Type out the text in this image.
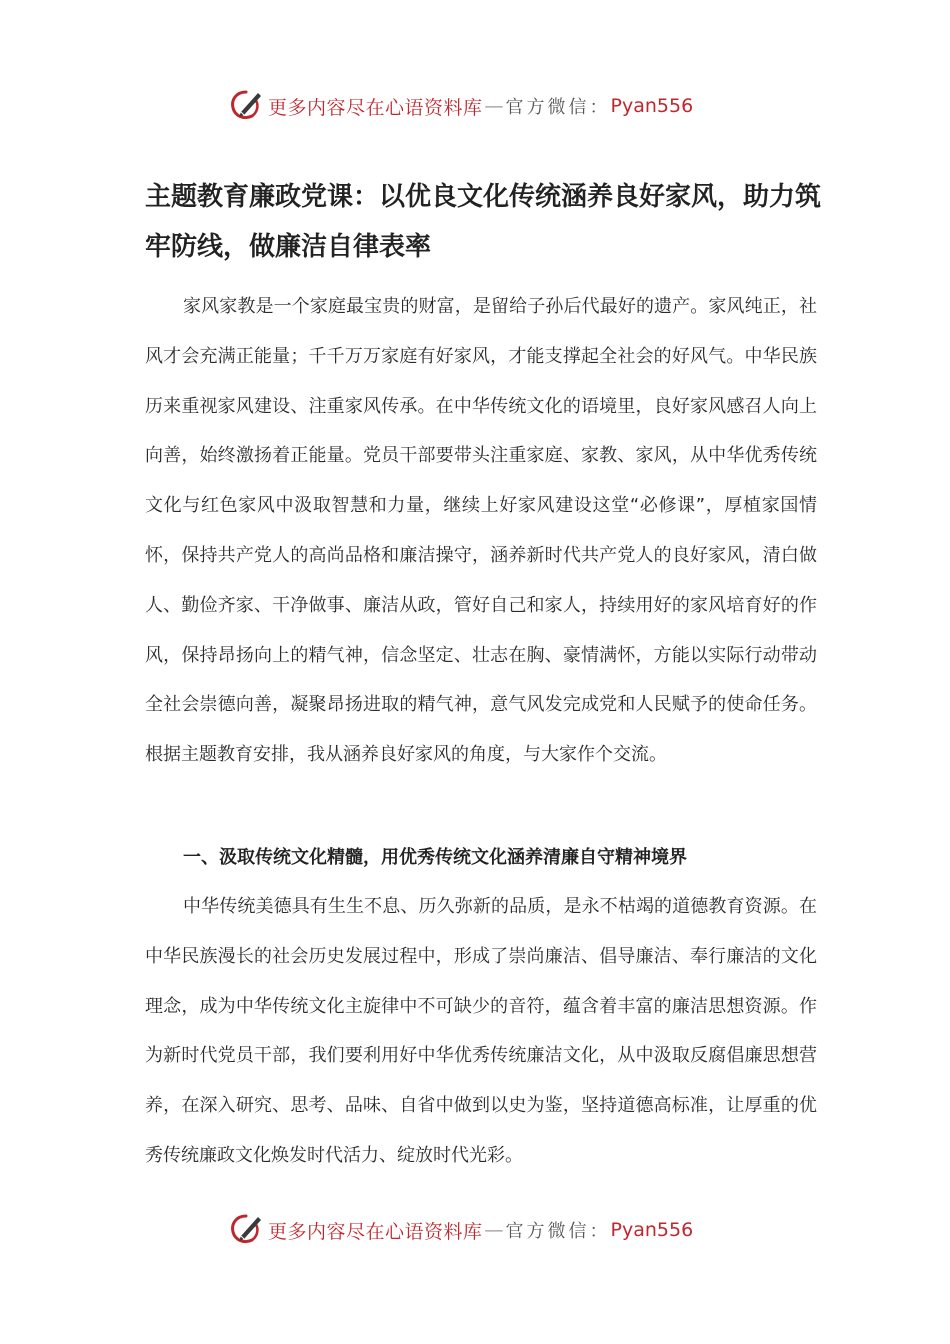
更多内容尽在心语资料库 — 官方微信： Pyan556
主题教育廉政党课：以优良文化传统涵养良好家风，助力筑牢防线，做廉洁自律表率

家风家教是一个家庭最宝贵的财富，是留给子孙后代最好的遗产。家风纯正，社风才会充满正能量；千千万万家庭有好家风，才能支撑起全社会的好风气。中华民族历来重视家风建设、注重家风传承。在中华传统文化的语境里，良好家风感召人向上向善，始终激扬着正能量。党员干部要带头注重家庭、家教、家风，从中华优秀传统文化与红色家风中汲取智慧和力量，继续上好家风建设这堂“必修课”，厚植家国情怀，保持共产党人的高尚品格和廉洁操守，涵养新时代共产党人的良好家风，清白做人、勤俭齐家、干净做事、廉洁从政，管好自己和家人，持续用好的家风培育好的作风，保持昂扬向上的精气神，信念坚定、壮志在胸、豪情满怀，方能以实际行动带动全社会崇德向善，凝聚昂扬进取的精气神，意气风发完成党和人民赋予的使命任务。根据主题教育安排，我从涵养良好家风的角度，与大家作个交流。

一、汲取传统文化精髓，用优秀传统文化涵养清廉自守精神境界

中华传统美德具有生生不息、历久弥新的品质，是永不枯竭的道德教育资源。在中华民族漫长的社会历史发展过程中，形成了崇尚廉洁、倡导廉洁、奉行廉洁的文化理念，成为中华传统文化主旋律中不可缺少的音符，蕴含着丰富的廉洁思想资源。作为新时代党员干部，我们要利用好中华优秀传统廉洁文化，从中汲取反腐倡廉思想营养，在深入研究、思考、品味、自省中做到以史为鉴，坚持道德高标准，让厚重的优秀传统廉政文化焕发时代活力、绽放时代光彩。

更多内容尽在心语资料库 — 官方微信： Pyan556
